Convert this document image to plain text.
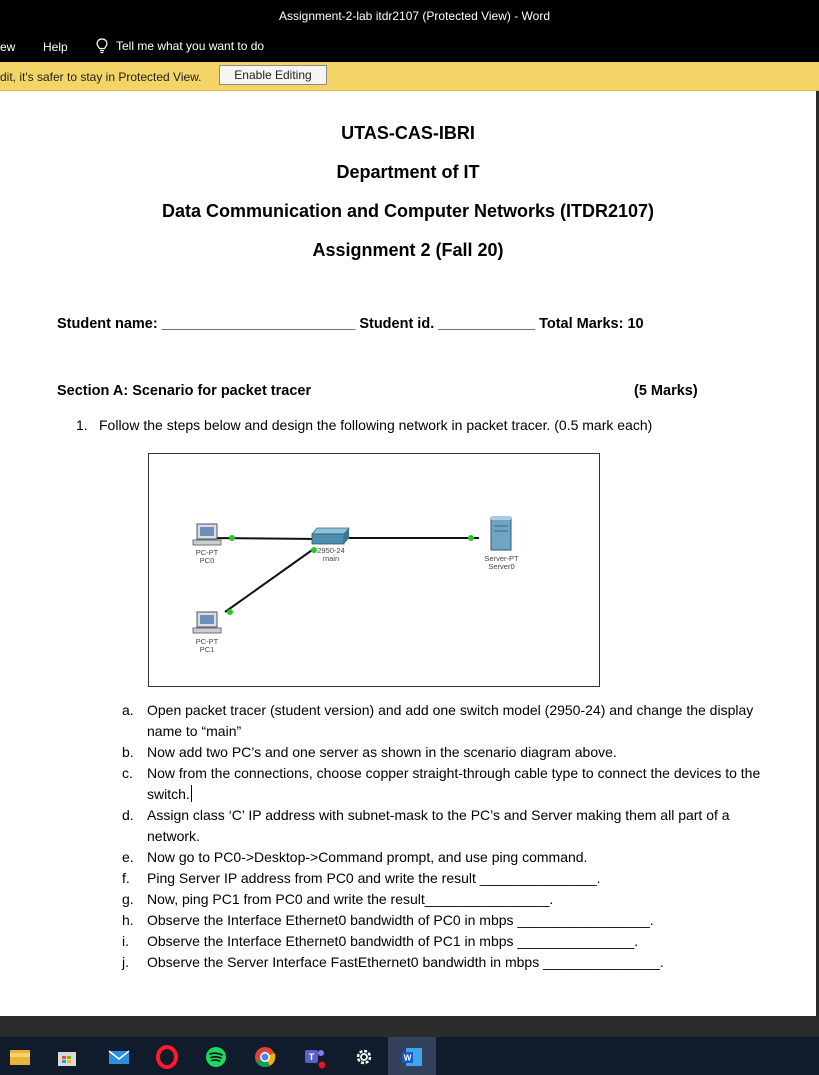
Assignment-2-lab itdr2107 (Protected View) - Word
ew Help	Tell me what you want to do
dit, it's safer to stay in Protected View.	Enable Editing
UTAS-CAS-IBRI
Department of IT
Data Communication and Computer Networks (ITDR2107)
Assignment 2 (Fall 20)
Student name: ________________________ Student id. ____________ Total Marks: 10
Section A: Scenario for packet tracer	(5 Marks)
1. Follow the steps below and design the following network in packet tracer. (0.5 mark each)
PC-PT
PC0
2950-24
main	Server-PT
Server0
PC-PT
PC1
a. Open packet tracer (student version) and add one switch model (2950-24) and change the display name to “main”
b. Now add two PC’s and one server as shown in the scenario diagram above.
c. Now from the connections, choose copper straight-through cable type to connect the devices to the switch.
d. Assign class ‘C’ IP address with subnet-mask to the PC’s and Server making them all part of a network.
e. Now go to PC0->Desktop->Command prompt, and use ping command.
f. Ping Server IP address from PC0 and write the result _______________.
g. Now, ping PC1 from PC0 and write the result________________.
h. Observe the Interface Ethernet0 bandwidth of PC0 in mbps _________________.
i. Observe the Interface Ethernet0 bandwidth of PC1 in mbps _______________.
j. Observe the Server Interface FastEthernet0 bandwidth in mbps _______________.
T	W
